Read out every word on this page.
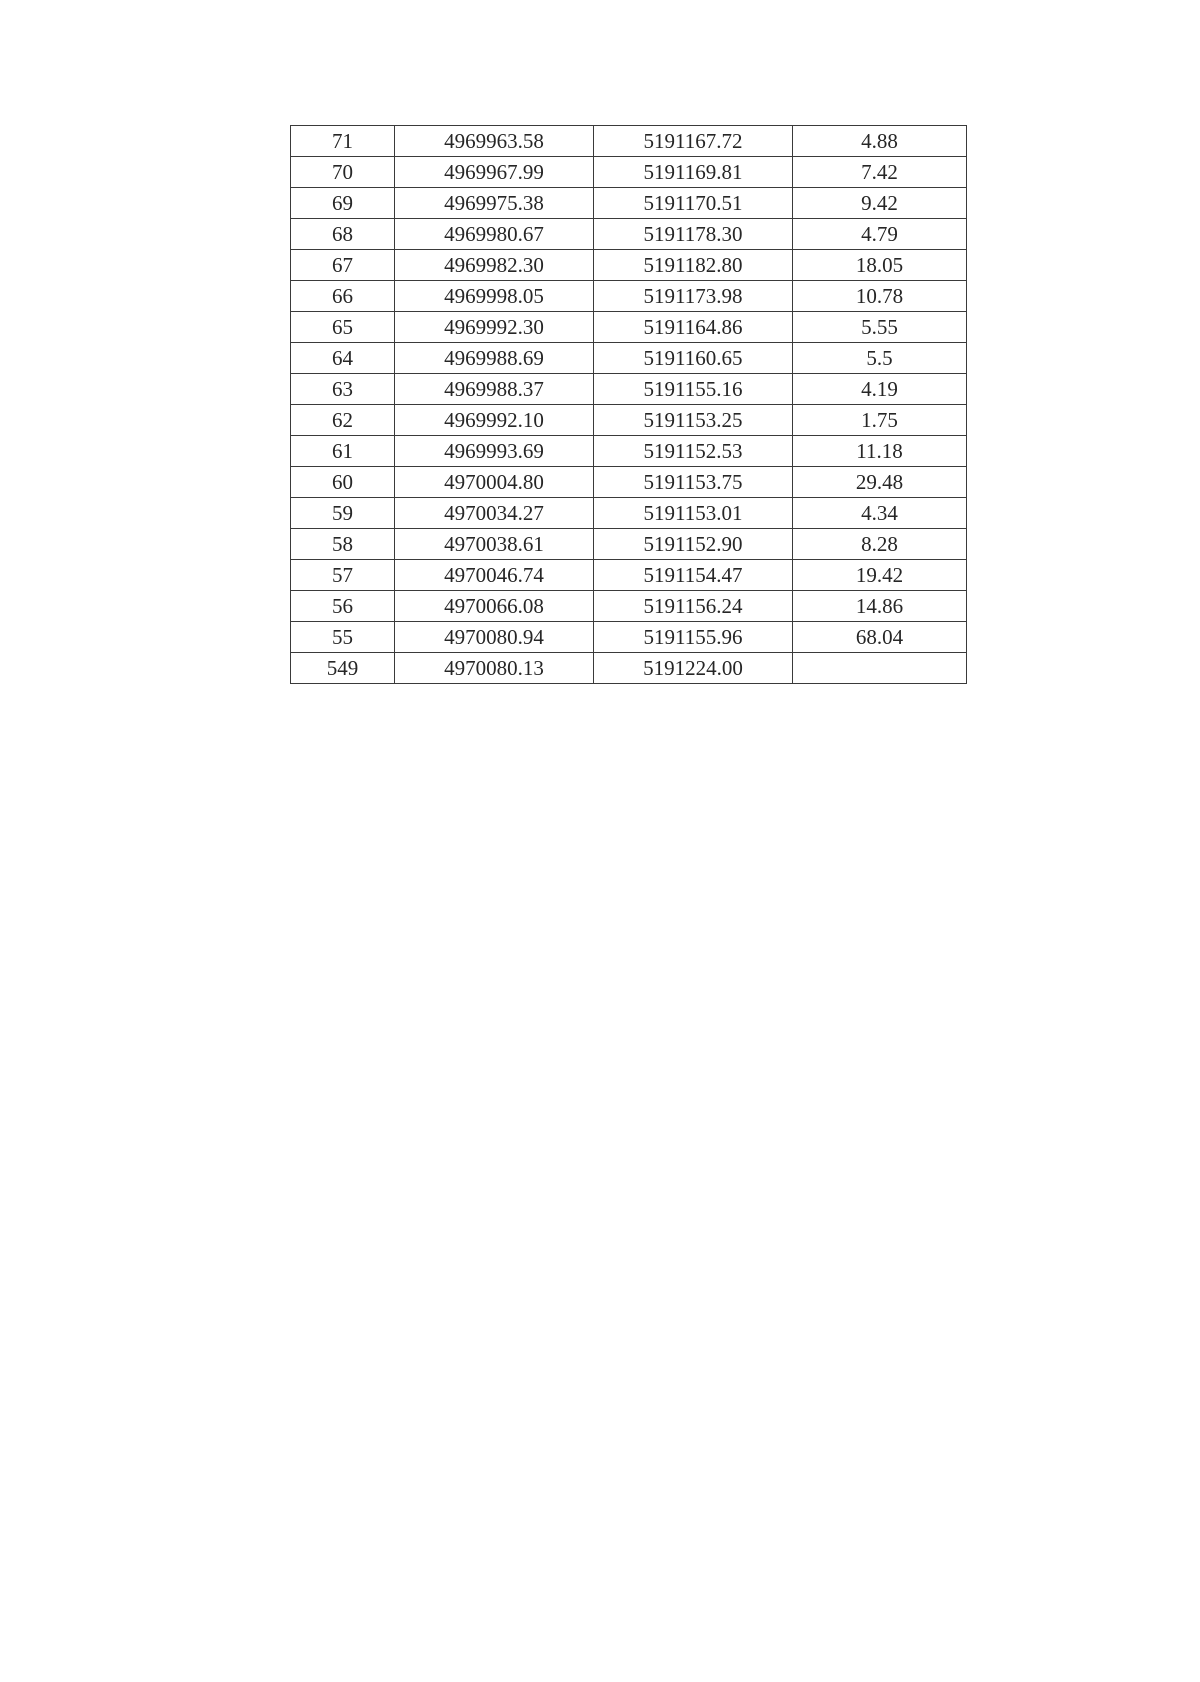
71	4969963.58	5191167.72	4.88
70	4969967.99	5191169.81	7.42
69	4969975.38	5191170.51	9.42
68	4969980.67	5191178.30	4.79
67	4969982.30	5191182.80	18.05
66	4969998.05	5191173.98	10.78
65	4969992.30	5191164.86	5.55
64	4969988.69	5191160.65	5.5
63	4969988.37	5191155.16	4.19
62	4969992.10	5191153.25	1.75
61	4969993.69	5191152.53	11.18
60	4970004.80	5191153.75	29.48
59	4970034.27	5191153.01	4.34
58	4970038.61	5191152.90	8.28
57	4970046.74	5191154.47	19.42
56	4970066.08	5191156.24	14.86
55	4970080.94	5191155.96	68.04
549	4970080.13	5191224.00	
